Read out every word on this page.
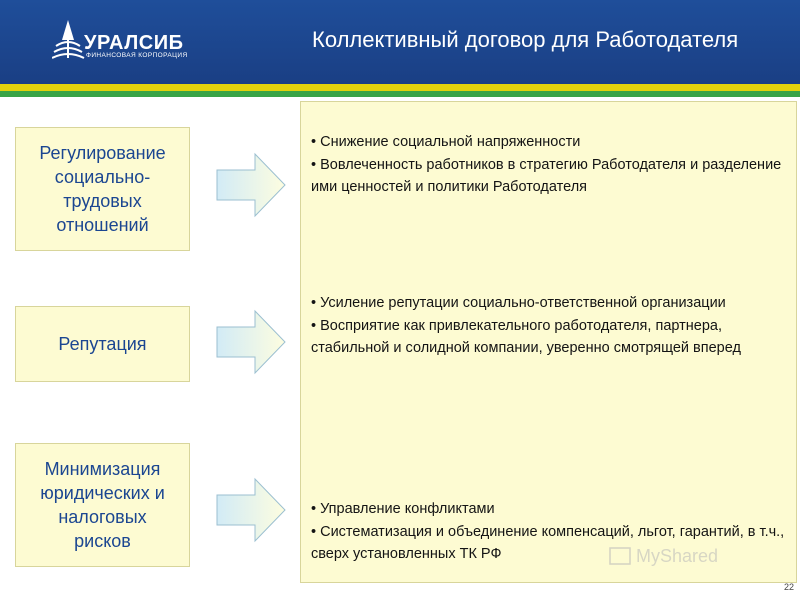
УРАЛСИБ
ФИНАНСОВАЯ КОРПОРАЦИЯ
Коллективный договор для Работодателя
Регулирование социально-трудовых отношений
Репутация
Минимизация юридических и налоговых рисков
• Снижение социальной напряженности
• Вовлеченность работников в стратегию Работодателя и разделение ими ценностей и политики Работодателя
• Усиление репутации социально-ответственной организации
• Восприятие как привлекательного работодателя, партнера, стабильной и солидной компании, уверенно смотрящей вперед
• Управление конфликтами
• Систематизация и объединение компенсаций, льгот, гарантий, в т.ч., сверх установленных ТК РФ	MyShared
22
